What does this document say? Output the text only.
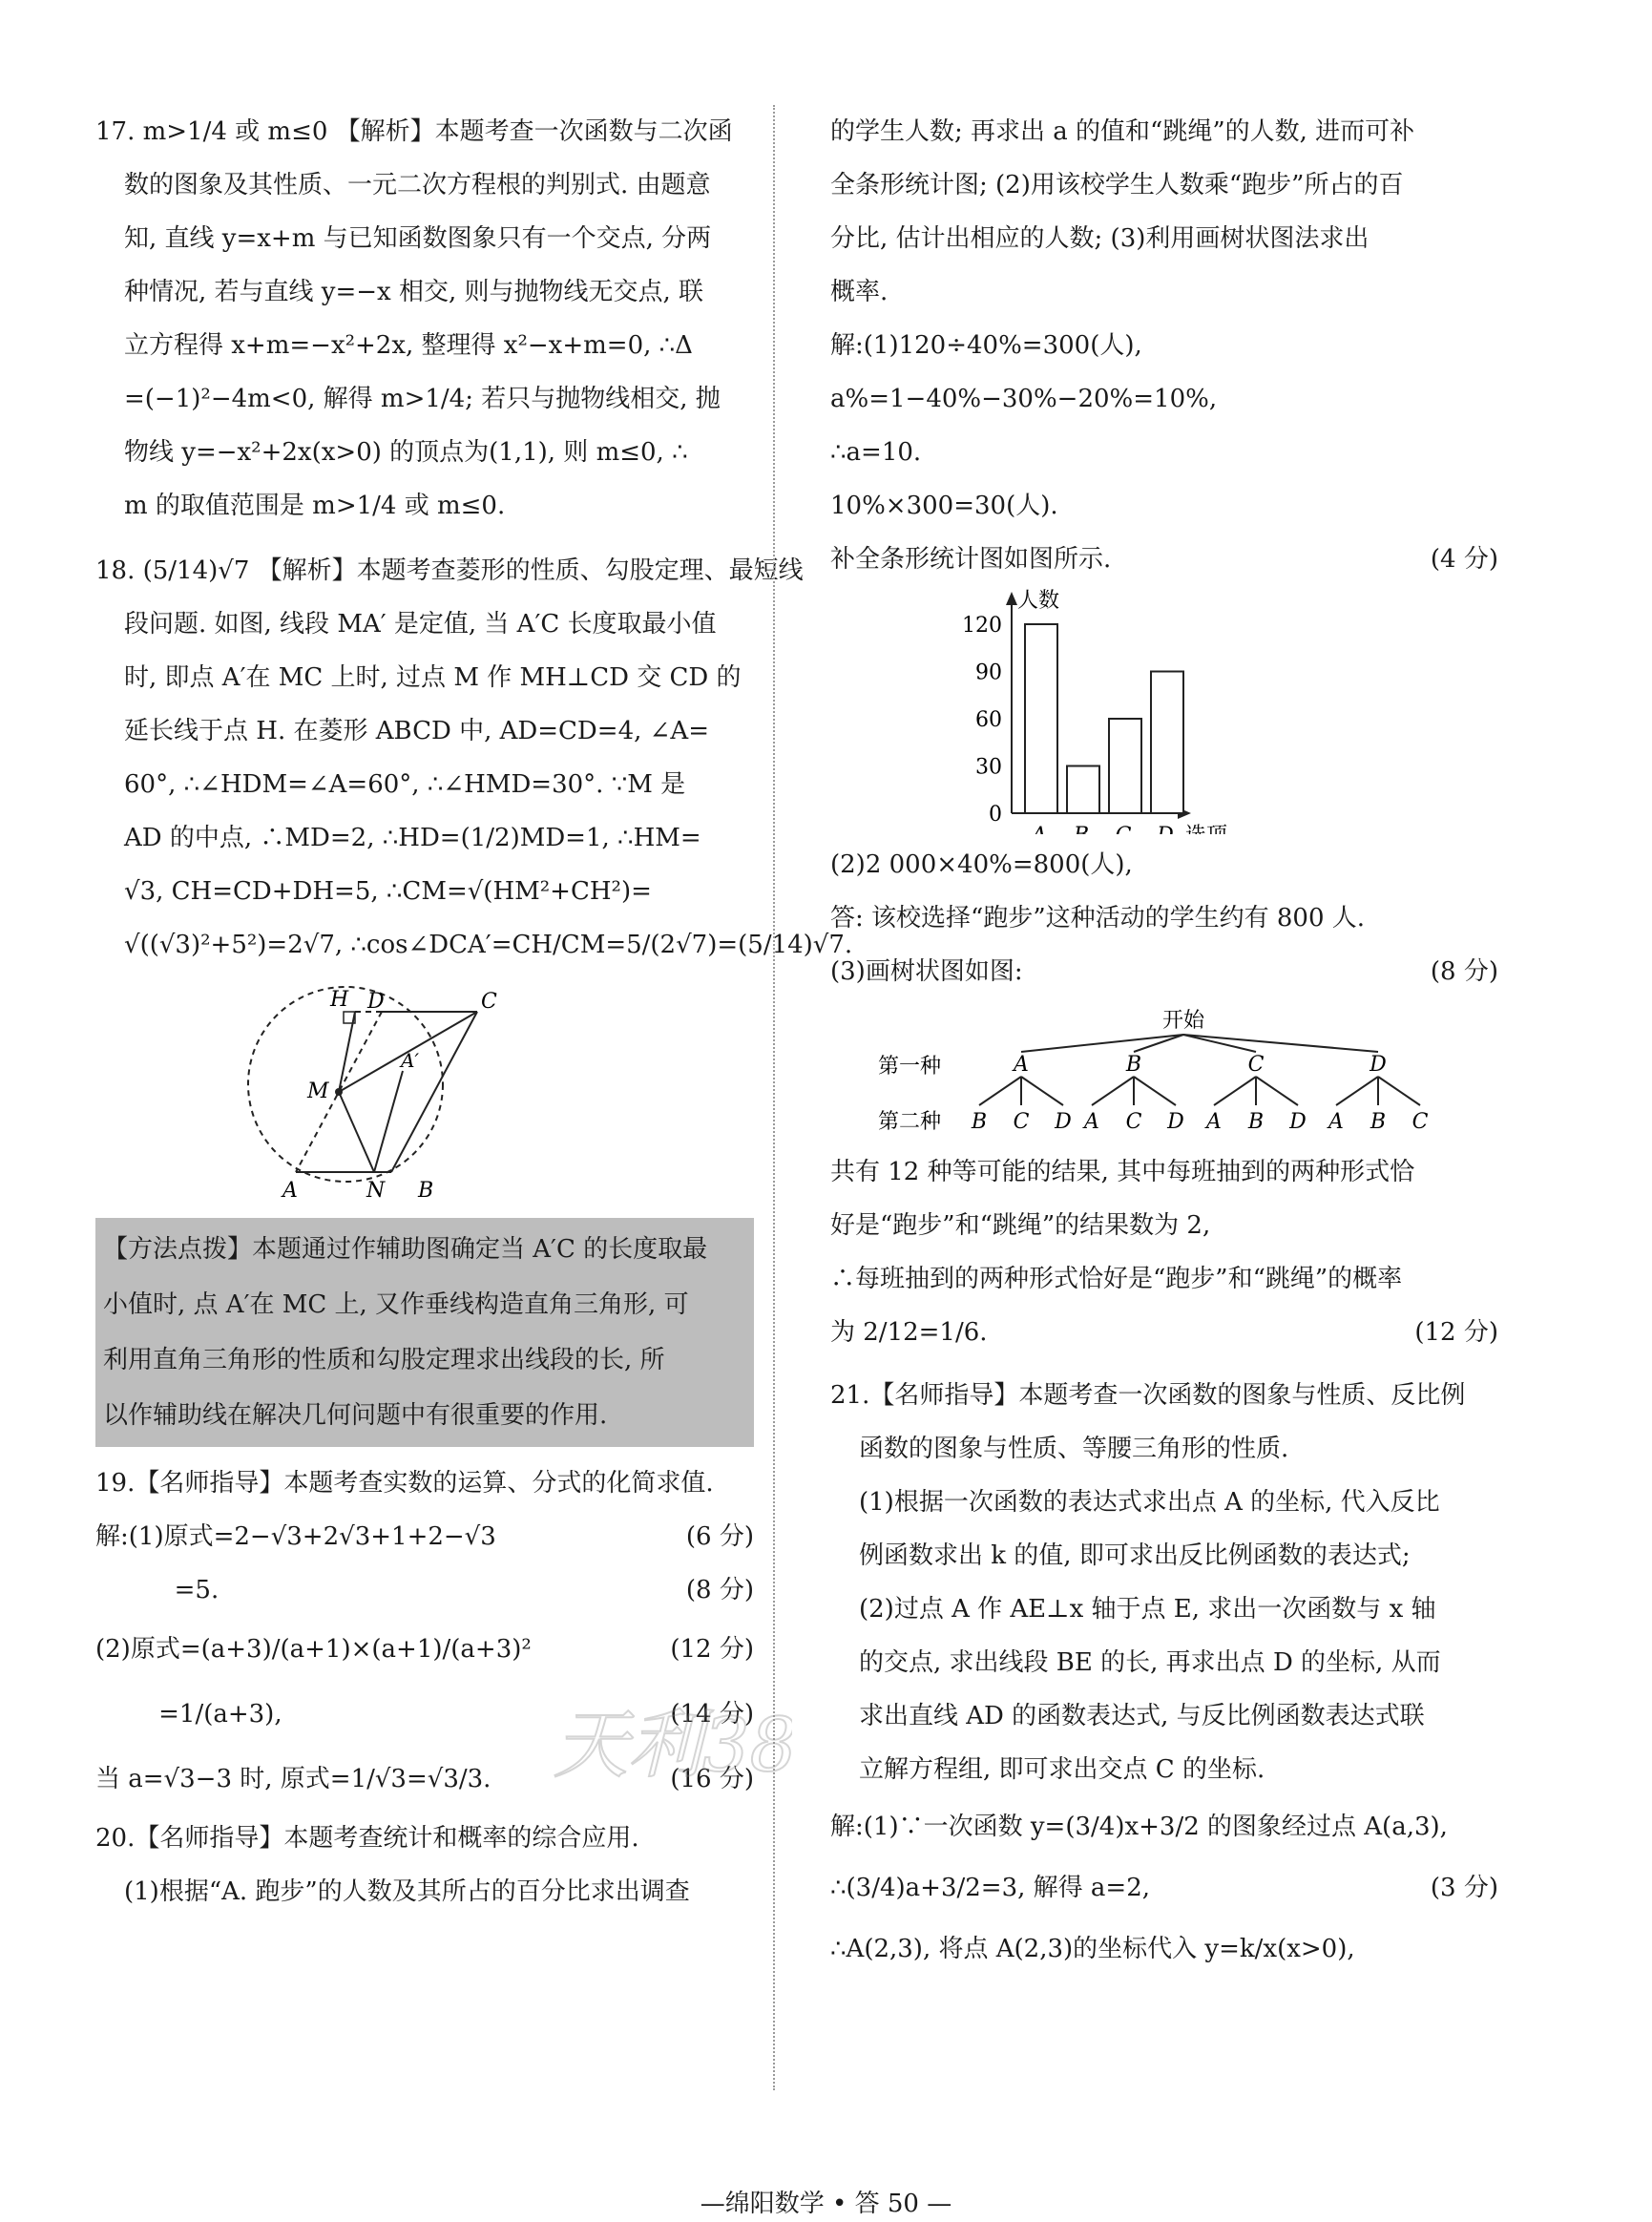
17. m>1/4 或 m≤0 【解析】本题考查一次函数与二次函
数的图象及其性质、一元二次方程根的判别式. 由题意
知, 直线 y=x+m 与已知函数图象只有一个交点, 分两
种情况, 若与直线 y=−x 相交, 则与抛物线无交点, 联
立方程得 x+m=−x²+2x, 整理得 x²−x+m=0, ∴Δ
=(−1)²−4m<0, 解得 m>1/4; 若只与抛物线相交, 抛
物线 y=−x²+2x(x>0) 的顶点为(1,1), 则 m≤0, ∴
m 的取值范围是 m>1/4 或 m≤0.
18. (5/14)√7 【解析】本题考查菱形的性质、勾股定理、最短线
段问题. 如图, 线段 MA′ 是定值, 当 A′C 长度取最小值
时, 即点 A′在 MC 上时, 过点 M 作 MH⊥CD 交 CD 的
延长线于点 H. 在菱形 ABCD 中, AD=CD=4, ∠A=
60°, ∴∠HDM=∠A=60°, ∴∠HMD=30°. ∵M 是
AD 的中点, ∴MD=2, ∴HD=(1/2)MD=1, ∴HM=
√3, CH=CD+DH=5, ∴CM=√(HM²+CH²)=
√((√3)²+5²)=2√7, ∴cos∠DCA′=CH/CM=5/(2√7)=(5/14)√7.
H D	C
M
A′
A	N B
【方法点拨】本题通过作辅助图确定当 A′C 的长度取最
小值时, 点 A′在 MC 上, 又作垂线构造直角三角形, 可
利用直角三角形的性质和勾股定理求出线段的长, 所
以作辅助线在解决几何问题中有很重要的作用.
19.【名师指导】本题考查实数的运算、分式的化简求值.
解:(1)原式=2−√3+2√3+1+2−√3	(6 分)
=5.	(8 分)
(2)原式=(a+3)/(a+1)×(a+1)/(a+3)²	(12 分)
=1/(a+3),	(14 分)
当 a=√3−3 时, 原式=1/√3=√3/3.	(16 分)
20.【名师指导】本题考查统计和概率的综合应用.
(1)根据“A. 跑步”的人数及其所占的百分比求出调查
的学生人数; 再求出 a 的值和“跳绳”的人数, 进而可补
全条形统计图; (2)用该校学生人数乘“跑步”所占的百
分比, 估计出相应的人数; (3)利用画树状图法求出
概率.
解:(1)120÷40%=300(人),
a%=1−40%−30%−20%=10%,
∴a=10.
10%×300=30(人).
补全条形统计图如图所示.	(4 分)
人数
0
30
60
90
120
(2)2 000×40%=800(人),
答: 该校选择“跑步”这种活动的学生约有 800 人.
(8 分)
(3)画树状图如图:
开始
第一种
第二种
A
B C D
B
A C D
C
A B D
D
A B C
共有 12 种等可能的结果, 其中每班抽到的两种形式恰
好是“跑步”和“跳绳”的结果数为 2,
∴每班抽到的两种形式恰好是“跑步”和“跳绳”的概率
为 2/12=1/6.	(12 分)
21.【名师指导】本题考查一次函数的图象与性质、反比例
函数的图象与性质、等腰三角形的性质.
(1)根据一次函数的表达式求出点 A 的坐标, 代入反比
例函数求出 k 的值, 即可求出反比例函数的表达式;
(2)过点 A 作 AE⊥x 轴于点 E, 求出一次函数与 x 轴
的交点, 求出线段 BE 的长, 再求出点 D 的坐标, 从而
求出直线 AD 的函数表达式, 与反比例函数表达式联
立解方程组, 即可求出交点 C 的坐标.
解:(1)∵一次函数 y=(3/4)x+3/2 的图象经过点 A(a,3),
∴(3/4)a+3/2=3, 解得 a=2,	(3 分)
∴A(2,3), 将点 A(2,3)的坐标代入 y=k/x(x>0),
天利3
—绵阳数学 • 答 50 —
